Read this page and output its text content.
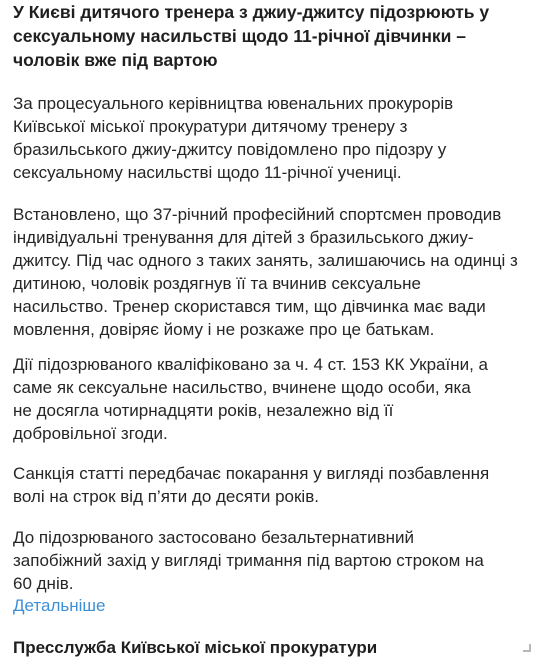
У Києві дитячого тренера з джиу-джитсу підозрюють у сексуальному насильстві щодо 11-річної дівчинки – чоловік вже під вартою

За процесуального керівництва ювенальних прокурорів Київської міської прокуратури дитячому тренеру з бразильського джиу-джитсу повідомлено про підозру у сексуальному насильстві щодо 11-річної учениці.

Встановлено, що 37-річний професійний спортсмен проводив індивідуальні тренування для дітей з бразильського джиу-джитсу. Під час одного з таких занять, залишаючись на одинці з дитиною, чоловік роздягнув її та вчинив сексуальне насильство. Тренер скористався тим, що дівчинка має вади мовлення, довіряє йому і не розкаже про це батькам.

Дії підозрюваного кваліфіковано за ч. 4 ст. 153 КК України, а саме як сексуальне насильство, вчинене щодо особи, яка не досягла чотирнадцяти років, незалежно від її добровільної згоди.

Санкція статті передбачає покарання у вигляді позбавлення волі на строк від п’яти до десяти років.

До підозрюваного застосовано безальтернативний запобіжний захід у вигляді тримання під вартою строком на 60 днів.

Детальніше
Пресслужба Київської міської прокуратури
